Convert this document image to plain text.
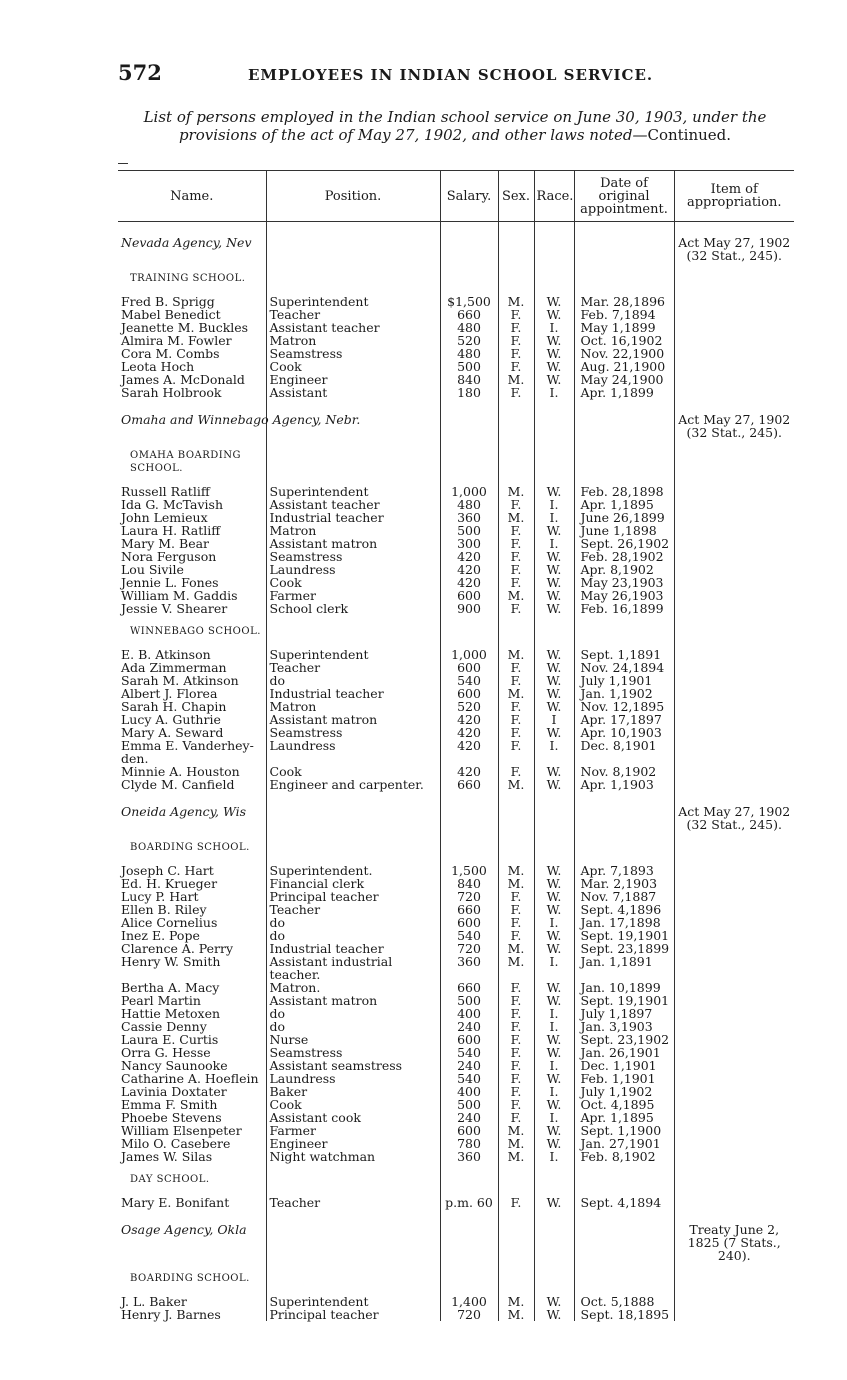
572	EMPLOYEES IN INDIAN SCHOOL SERVICE.
List of persons employed in the Indian school service on June 30, 1903, under the provisions of the act of May 27, 1902, and other laws noted—Continued.
Name.	Position.	Salary.	Sex.	Race.	Date of original appointment.	Item of appropriation.
Nevada Agency, Nev						Act May 27, 1902 (32 Stat., 245).
TRAINING SCHOOL.						
Fred B. Sprigg	Superintendent	$1,500	M.	W.	Mar. 28,1896	
Mabel Benedict	Teacher	660	F.	W.	Feb. 7,1894	
Jeanette M. Buckles	Assistant teacher	480	F.	I.	May 1,1899	
Almira M. Fowler	Matron	520	F.	W.	Oct. 16,1902	
Cora M. Combs	Seamstress	480	F.	W.	Nov. 22,1900	
Leota Hoch	Cook	500	F.	W.	Aug. 21,1900	
James A. McDonald	Engineer	840	M.	W.	May 24,1900	
Sarah Holbrook	Assistant	180	F.	I.	Apr. 1,1899	
Omaha and Winnebago Agency, Nebr.						Act May 27, 1902 (32 Stat., 245).
OMAHA BOARDING SCHOOL.						
Russell Ratliff	Superintendent	1,000	M.	W.	Feb. 28,1898	
Ida G. McTavish	Assistant teacher	480	F.	I.	Apr. 1,1895	
John Lemieux	Industrial teacher	360	M.	I.	June 26,1899	
Laura H. Ratliff	Matron	500	F.	W.	June 1,1898	
Mary M. Bear	Assistant matron	300	F.	I.	Sept. 26,1902	
Nora Ferguson	Seamstress	420	F.	W.	Feb. 28,1902	
Lou Sivile	Laundress	420	F.	W.	Apr. 8,1902	
Jennie L. Fones	Cook	420	F.	W.	May 23,1903	
William M. Gaddis	Farmer	600	M.	W.	May 26,1903	
Jessie V. Shearer	School clerk	900	F.	W.	Feb. 16,1899	
WINNEBAGO SCHOOL.						
E. B. Atkinson	Superintendent	1,000	M.	W.	Sept. 1,1891	
Ada Zimmerman	Teacher	600	F.	W.	Nov. 24,1894	
Sarah M. Atkinson	do	540	F.	W.	July 1,1901	
Albert J. Florea	Industrial teacher	600	M.	W.	Jan. 1,1902	
Sarah H. Chapin	Matron	520	F.	W.	Nov. 12,1895	
Lucy A. Guthrie	Assistant matron	420	F.	I	Apr. 17,1897	
Mary A. Seward	Seamstress	420	F.	W.	Apr. 10,1903	
Emma E. Vanderhey-
den.	Laundress	420	F.	I.	Dec. 8,1901	
Minnie A. Houston	Cook	420	F.	W.	Nov. 8,1902	
Clyde M. Canfield	Engineer and carpenter.	660	M.	W.	Apr. 1,1903	
Oneida Agency, Wis						Act May 27, 1902 (32 Stat., 245).
BOARDING SCHOOL.						
Joseph C. Hart	Superintendent.	1,500	M.	W.	Apr. 7,1893	
Ed. H. Krueger	Financial clerk	840	M.	W.	Mar. 2,1903	
Lucy P. Hart	Principal teacher	720	F.	W.	Nov. 7,1887	
Ellen B. Riley	Teacher	660	F.	W.	Sept. 4,1896	
Alice Cornelius	do	600	F.	I.	Jan. 17,1898	
Inez E. Pope	do	540	F.	W.	Sept. 19,1901	
Clarence A. Perry	Industrial teacher	720	M.	W.	Sept. 23,1899	
Henry W. Smith	Assistant industrial
teacher.	360	M.	I.	Jan. 1,1891	
Bertha A. Macy	Matron.	660	F.	W.	Jan. 10,1899	
Pearl Martin	Assistant matron	500	F.	W.	Sept. 19,1901	
Hattie Metoxen	do	400	F.	I.	July 1,1897	
Cassie Denny	do	240	F.	I.	Jan. 3,1903	
Laura E. Curtis	Nurse	600	F.	W.	Sept. 23,1902	
Orra G. Hesse	Seamstress	540	F.	W.	Jan. 26,1901	
Nancy Saunooke	Assistant seamstress	240	F.	I.	Dec. 1,1901	
Catharine A. Hoeflein	Laundress	540	F.	W.	Feb. 1,1901	
Lavinia Doxtater	Baker	400	F.	I.	July 1,1902	
Emma F. Smith	Cook	500	F.	W.	Oct. 4,1895	
Phoebe Stevens	Assistant cook	240	F.	I.	Apr. 1,1895	
William Elsenpeter	Farmer	600	M.	W.	Sept. 1,1900	
Milo O. Casebere	Engineer	780	M.	W.	Jan. 27,1901	
James W. Silas	Night watchman	360	M.	I.	Feb. 8,1902	
DAY SCHOOL.						
Mary E. Bonifant	Teacher	p.m. 60	F.	W.	Sept. 4,1894	
Osage Agency, Okla						Treaty June 2, 1825 (7 Stats., 240).
BOARDING SCHOOL.						
J. L. Baker	Superintendent	1,400	M.	W.	Oct. 5,1888	
Henry J. Barnes	Principal teacher	720	M.	W.	Sept. 18,1895	
